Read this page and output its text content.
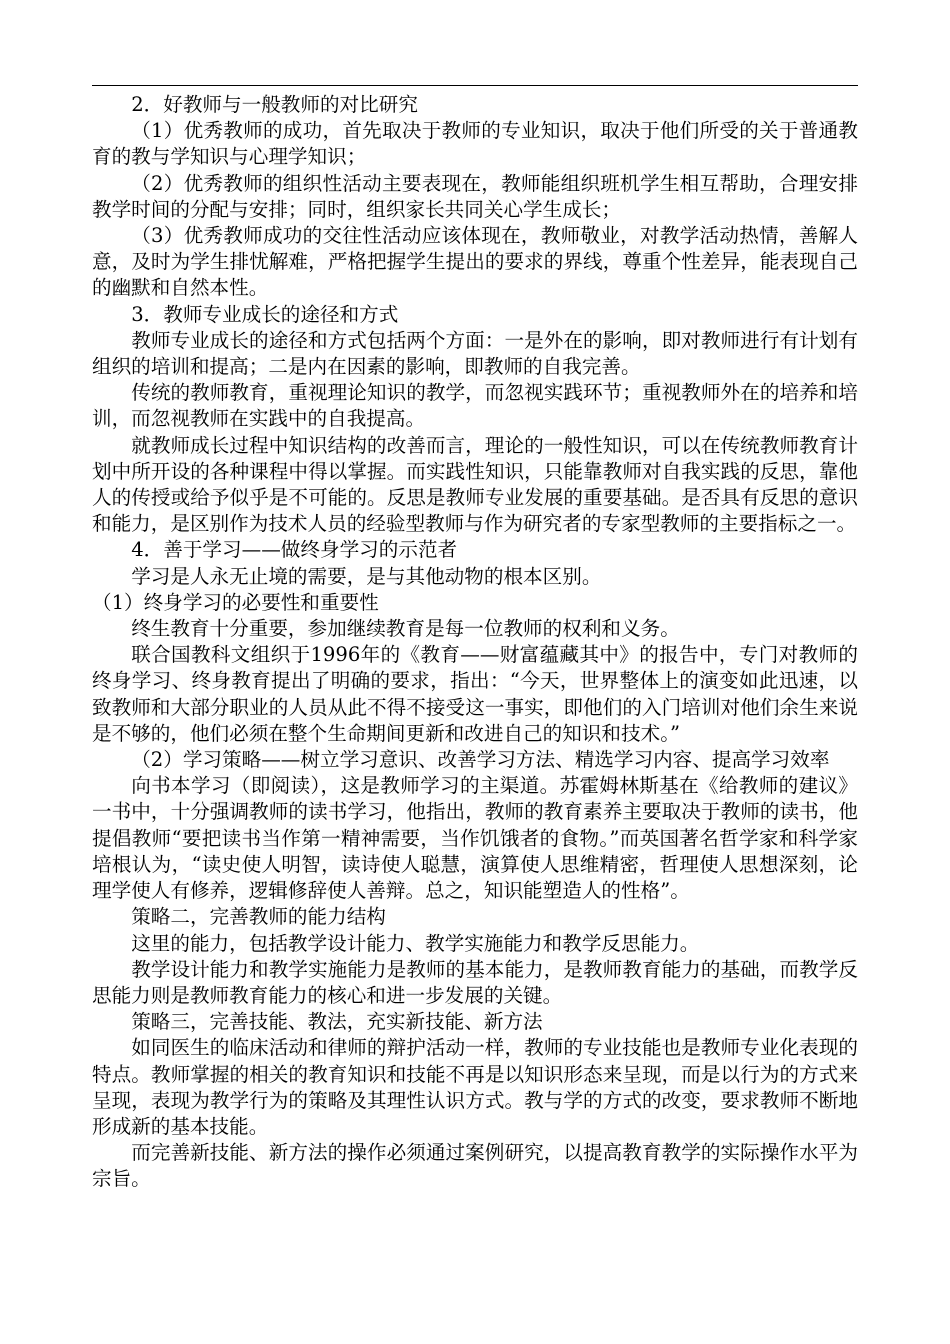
2．好教师与一般教师的对比研究

（1）优秀教师的成功，首先取决于教师的专业知识，取决于他们所受的关于普通教育的教与学知识与心理学知识；

（2）优秀教师的组织性活动主要表现在，教师能组织班机学生相互帮助，合理安排教学时间的分配与安排；同时，组织家长共同关心学生成长；

（3）优秀教师成功的交往性活动应该体现在，教师敬业，对教学活动热情，善解人意，及时为学生排忧解难，严格把握学生提出的要求的界线，尊重个性差异，能表现自己的幽默和自然本性。

3．教师专业成长的途径和方式

教师专业成长的途径和方式包括两个方面：一是外在的影响，即对教师进行有计划有组织的培训和提高；二是内在因素的影响，即教师的自我完善。

传统的教师教育，重视理论知识的教学，而忽视实践环节；重视教师外在的培养和培训，而忽视教师在实践中的自我提高。

就教师成长过程中知识结构的改善而言，理论的一般性知识，可以在传统教师教育计划中所开设的各种课程中得以掌握。而实践性知识，只能靠教师对自我实践的反思，靠他人的传授或给予似乎是不可能的。反思是教师专业发展的重要基础。是否具有反思的意识和能力，是区别作为技术人员的经验型教师与作为研究者的专家型教师的主要指标之一。

4．善于学习——做终身学习的示范者

学习是人永无止境的需要，是与其他动物的根本区别。

（1）终身学习的必要性和重要性

终生教育十分重要，参加继续教育是每一位教师的权利和义务。

联合国教科文组织于1996年的《教育——财富蕴藏其中》的报告中，专门对教师的终身学习、终身教育提出了明确的要求，指出：“今天，世界整体上的演变如此迅速，以致教师和大部分职业的人员从此不得不接受这一事实，即他们的入门培训对他们余生来说是不够的，他们必须在整个生命期间更新和改进自己的知识和技术。”

（2）学习策略——树立学习意识、改善学习方法、精选学习内容、提高学习效率

向书本学习（即阅读），这是教师学习的主渠道。苏霍姆林斯基在《给教师的建议》一书中，十分强调教师的读书学习，他指出，教师的教育素养主要取决于教师的读书，他提倡教师“要把读书当作第一精神需要，当作饥饿者的食物。”而英国著名哲学家和科学家培根认为，“读史使人明智，读诗使人聪慧，演算使人思维精密，哲理使人思想深刻，论理学使人有修养，逻辑修辞使人善辩。总之，知识能塑造人的性格”。

策略二，完善教师的能力结构

这里的能力，包括教学设计能力、教学实施能力和教学反思能力。

教学设计能力和教学实施能力是教师的基本能力，是教师教育能力的基础，而教学反思能力则是教师教育能力的核心和进一步发展的关键。

策略三，完善技能、教法，充实新技能、新方法

如同医生的临床活动和律师的辩护活动一样，教师的专业技能也是教师专业化表现的特点。教师掌握的相关的教育知识和技能不再是以知识形态来呈现，而是以行为的方式来呈现，表现为教学行为的策略及其理性认识方式。教与学的方式的改变，要求教师不断地形成新的基本技能。

而完善新技能、新方法的操作必须通过案例研究，以提高教育教学的实际操作水平为宗旨。
